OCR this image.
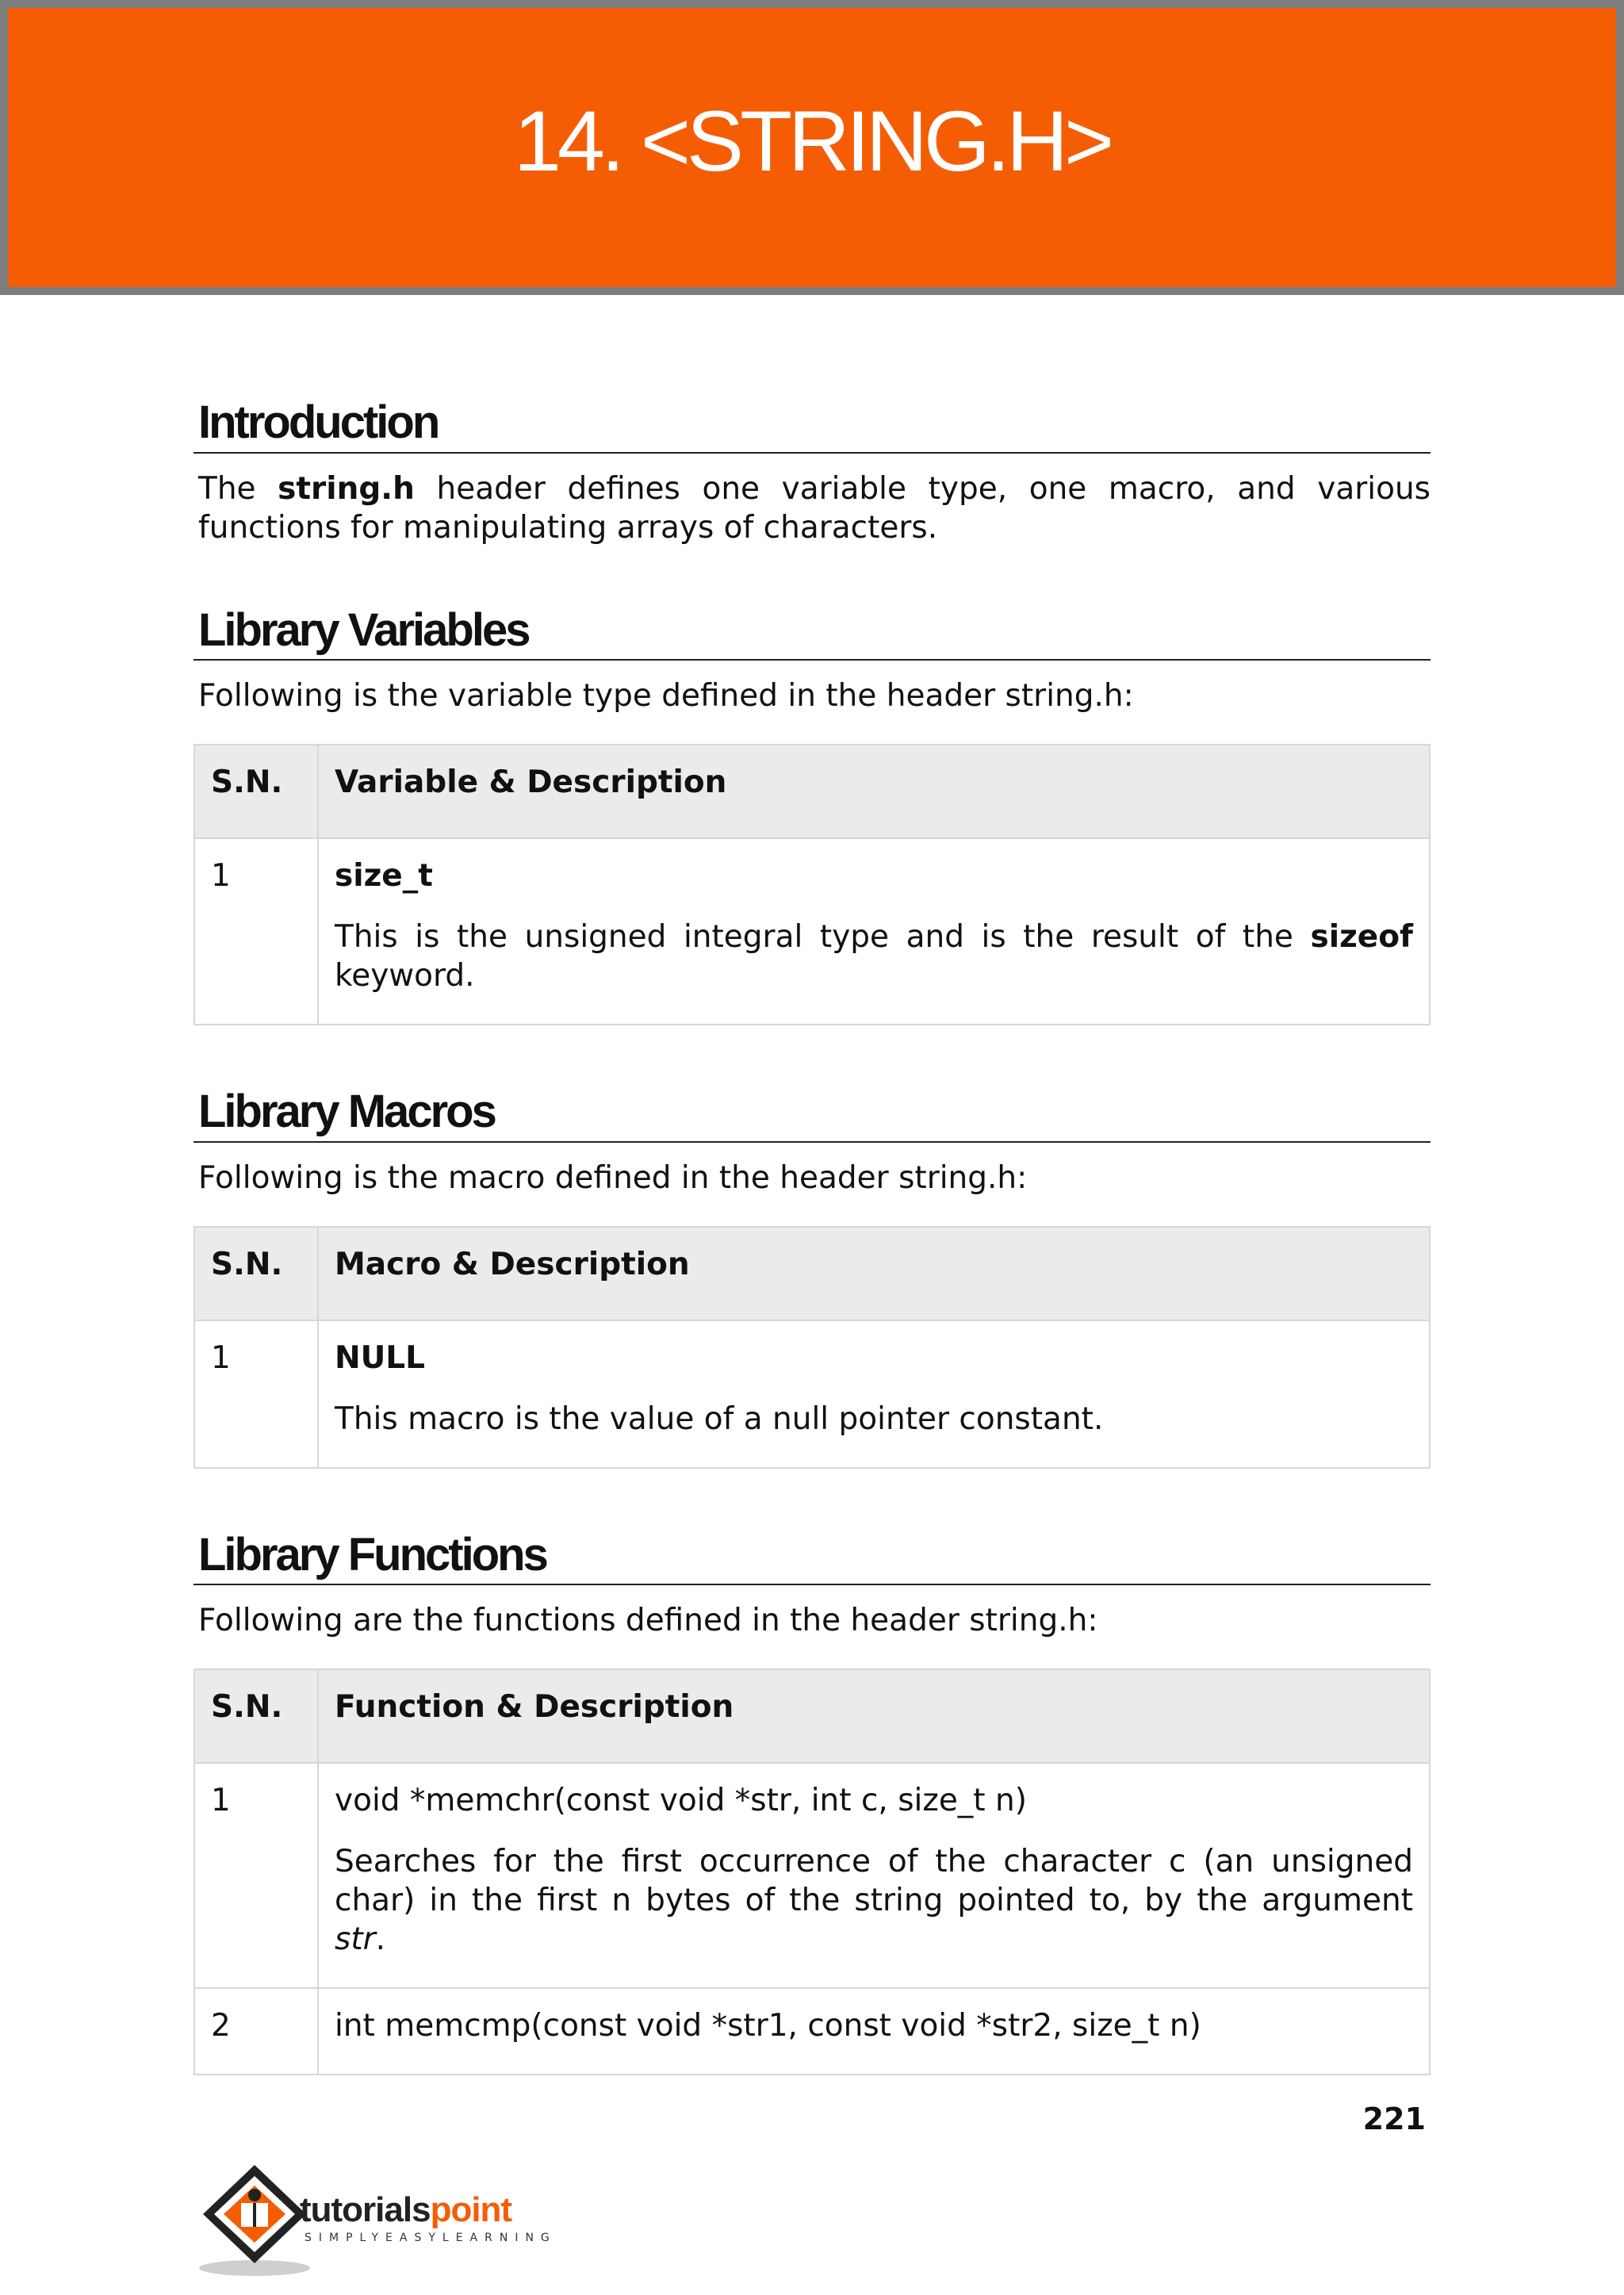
14. <STRING.H>
Introduction

The string.h header defines one variable type, one macro, and various functions for manipulating arrays of characters.

Library Variables

Following is the variable type defined in the header string.h:

S.N.	Variable & Description
1	size_t

This is the unsigned integral type and is the result of the sizeof keyword.

Library Macros

Following is the macro defined in the header string.h:

S.N.	Macro & Description
1	NULL

This macro is the value of a null pointer constant.

Library Functions

Following are the functions defined in the header string.h:

S.N.	Function & Description
1	void *memchr(const void *str, int c, size_t n)

Searches for the first occurrence of the character c (an unsigned char) in the first n bytes of the string pointed to, by the argument str.

2	int memcmp(const void *str1, const void *str2, size_t n)

221
tutorialspoint
SIMPLYEASYLEARNING
